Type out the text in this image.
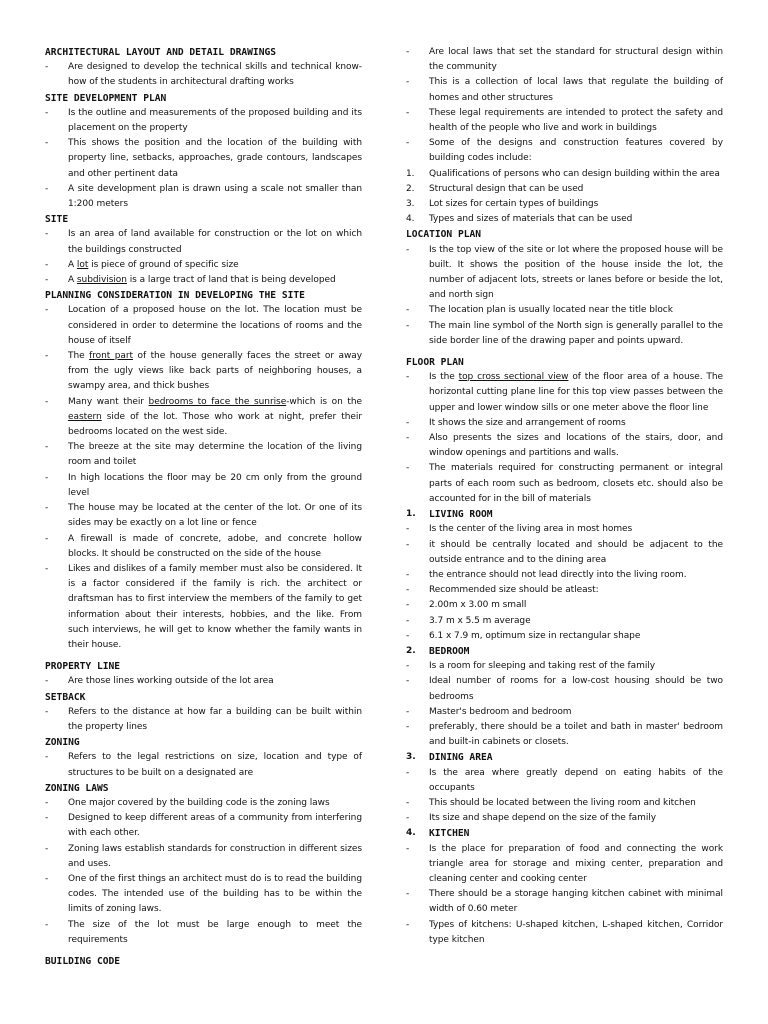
ARCHITECTURAL LAYOUT AND DETAIL DRAWINGS
-	Are designed to develop the technical skills and technical know-how of the students in architectural drafting works
SITE DEVELOPMENT PLAN
-	Is the outline and measurements of the proposed building and its placement on the property
-	This shows the position and the location of the building with property line, setbacks, approaches, grade contours, landscapes and other pertinent data
-	A site development plan is drawn using a scale not smaller than 1:200 meters
SITE
-	Is an area of land available for construction or the lot on which the buildings constructed
-	A lot is piece of ground of specific size
-	A subdivision is a large tract of land that is being developed
PLANNING CONSIDERATION IN DEVELOPING THE SITE
-	Location of a proposed house on the lot. The location must be considered in order to determine the locations of rooms and the house of itself
-	The front part of the house generally faces the street or away from the ugly views like back parts of neighboring houses, a swampy area, and thick bushes
-	Many want their bedrooms to face the sunrise-which is on the eastern side of the lot. Those who work at night, prefer their bedrooms located on the west side.
-	The breeze at the site may determine the location of the living room and toilet
-	In high locations the floor may be 20 cm only from the ground level
-	The house may be located at the center of the lot. Or one of its sides may be exactly on a lot line or fence
-	A firewall is made of concrete, adobe, and concrete hollow blocks. It should be constructed on the side of the house
-	Likes and dislikes of a family member must also be considered. It is a factor considered if the family is rich. the architect or draftsman has to first interview the members of the family to get information about their interests, hobbies, and the like. From such interviews, he will get to know whether the family wants in their house.
PROPERTY LINE
-	Are those lines working outside of the lot area
SETBACK
-	Refers to the distance at how far a building can be built within the property lines
ZONING
-	Refers to the legal restrictions on size, location and type of structures to be built on a designated are
ZONING LAWS
-	One major covered by the building code is the zoning laws
-	Designed to keep different areas of a community from interfering with each other.
-	Zoning laws establish standards for construction in different sizes and uses.
-	One of the first things an architect must do is to read the building codes. The intended use of the building has to be within the limits of zoning laws.
-	The size of the lot must be large enough to meet the requirements
BUILDING CODE
-	Are local laws that set the standard for structural design within the community
-	This is a collection of local laws that regulate the building of homes and other structures
-	These legal requirements are intended to protect the safety and health of the people who live and work in buildings
-	Some of the designs and construction features covered by building codes include:
1.	Qualifications of persons who can design building within the area
2.	Structural design that can be used
3.	Lot sizes for certain types of buildings
4.	Types and sizes of materials that can be used
LOCATION PLAN
-	Is the top view of the site or lot where the proposed house will be built. It shows the position of the house inside the lot, the number of adjacent lots, streets or lanes before or beside the lot, and north sign
-	The location plan is usually located near the title block
-	The main line symbol of the North sign is generally parallel to the side border line of the drawing paper and points upward.
FLOOR PLAN
-	Is the top cross sectional view of the floor area of a house. The horizontal cutting plane line for this top view passes between the upper and lower window sills or one meter above the floor line
-	It shows the size and arrangement of rooms
-	Also presents the sizes and locations of the stairs, door, and window openings and partitions and walls.
-	The materials required for constructing permanent or integral parts of each room such as bedroom, closets etc. should also be accounted for in the bill of materials
1.	LIVING ROOM
-	Is the center of the living area in most homes
-	it should be centrally located and should be adjacent to the outside entrance and to the dining area
-	the entrance should not lead directly into the living room.
-	Recommended size should be atleast:
-	2.00m x 3.00 m small
-	3.7 m x 5.5 m average
-	6.1 x 7.9 m, optimum size in rectangular shape
2.	BEDROOM
-	Is a room for sleeping and taking rest of the family
-	Ideal number of rooms for a low-cost housing should be two bedrooms
-	Master's bedroom and bedroom
-	preferably, there should be a toilet and bath in master' bedroom and built-in cabinets or closets.
3.	DINING AREA
-	Is the area where greatly depend on eating habits of the occupants
-	This should be located between the living room and kitchen
-	Its size and shape depend on the size of the family
4.	KITCHEN
-	Is the place for preparation of food and connecting the work triangle area for storage and mixing center, preparation and cleaning center and cooking center
-	There should be a storage hanging kitchen cabinet with minimal width of 0.60 meter
-	Types of kitchens: U-shaped kitchen, L-shaped kitchen, Corridor type kitchen
